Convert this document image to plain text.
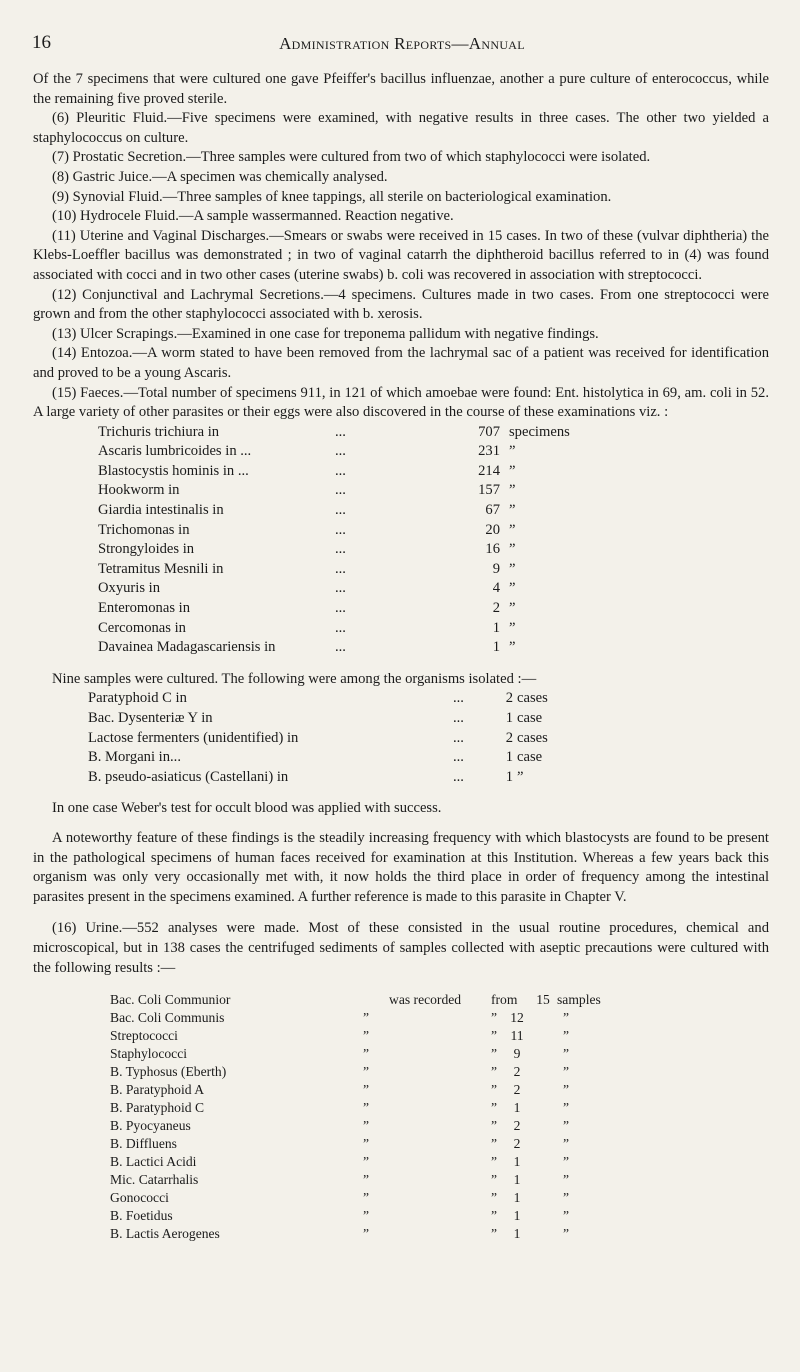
16	Administration Reports—Annual

Of the 7 specimens that were cultured one gave Pfeiffer's bacillus influenzae, another a pure culture of enterococcus, while the remaining five proved sterile.

(6) Pleuritic Fluid.—Five specimens were examined, with negative results in three cases. The other two yielded a staphylococcus on culture.

(7) Prostatic Secretion.—Three samples were cultured from two of which staphylococci were isolated.

(8) Gastric Juice.—A specimen was chemically analysed.

(9) Synovial Fluid.—Three samples of knee tappings, all sterile on bacteriological examination.

(10) Hydrocele Fluid.—A sample wassermanned. Reaction negative.

(11) Uterine and Vaginal Discharges.—Smears or swabs were received in 15 cases. In two of these (vulvar diphtheria) the Klebs-Loeffler bacillus was demonstrated ; in two of vaginal catarrh the diphtheroid bacillus referred to in (4) was found associated with cocci and in two other cases (uterine swabs) b. coli was recovered in association with streptococci.

(12) Conjunctival and Lachrymal Secretions.—4 specimens. Cultures made in two cases. From one streptococci were grown and from the other staphylococci associated with b. xerosis.

(13) Ulcer Scrapings.—Examined in one case for treponema pallidum with negative findings.

(14) Entozoa.—A worm stated to have been removed from the lachrymal sac of a patient was received for identification and proved to be a young Ascaris.

(15) Faeces.—Total number of specimens 911, in 121 of which amoebae were found: Ent. histolytica in 69, am. coli in 52. A large variety of other parasites or their eggs were also discovered in the course of these examinations viz. :

Trichuris trichiura in	...	707 specimens
Ascaris lumbricoides in ...	...	231 ”
Blastocystis hominis in ...	...	214 ”
Hookworm in	...	157 ”
Giardia intestinalis in	...	67 ”
Trichomonas in	...	20 ”
Strongyloides in	...	16 ”
Tetramitus Mesnili in	...	9 ”
Oxyuris in	...	4 ”
Enteromonas in	...	2 ”
Cercomonas in	...	1 ”
Davainea Madagascariensis in	...	1 ”

Nine samples were cultured. The following were among the organisms isolated :—

Paratyphoid C in	...	2 cases
Bac. Dysenteriæ Y in	...	1 case
Lactose fermenters (unidentified) in	...	2 cases
B. Morgani in...	...	1 case
B. pseudo-asiaticus (Castellani) in	...	1 ”

In one case Weber's test for occult blood was applied with success.

A noteworthy feature of these findings is the steadily increasing frequency with which blastocysts are found to be present in the pathological specimens of human faces received for examination at this Institution. Whereas a few years back this organism was only very occasionally met with, it now holds the third place in order of frequency among the intestinal parasites present in the specimens examined. A further reference is made to this parasite in Chapter V.

(16) Urine.—552 analyses were made. Most of these consisted in the usual routine procedures, chemical and microscopical, but in 138 cases the centrifuged sediments of samples collected with aseptic precautions were cultured with the following results :—

Bac. Coli Communior	was recorded from	15 samples
Bac. Coli Communis	”	” 12	”
Streptococci	”	” 11	”
Staphylococci	”	”	9	”
B. Typhosus (Eberth)	”	”	2	”
B. Paratyphoid A	”	”	2	”
B. Paratyphoid C	”	”	1	”
B. Pyocyaneus	”	”	2	”
B. Diffluens	”	”	2	”
B. Lactici Acidi	”	”	1	”
Mic. Catarrhalis	”	”	1	”
Gonococci	”	”	1	”
B. Foetidus	”	”	1	”
B. Lactis Aerogenes	”	”	1	”
